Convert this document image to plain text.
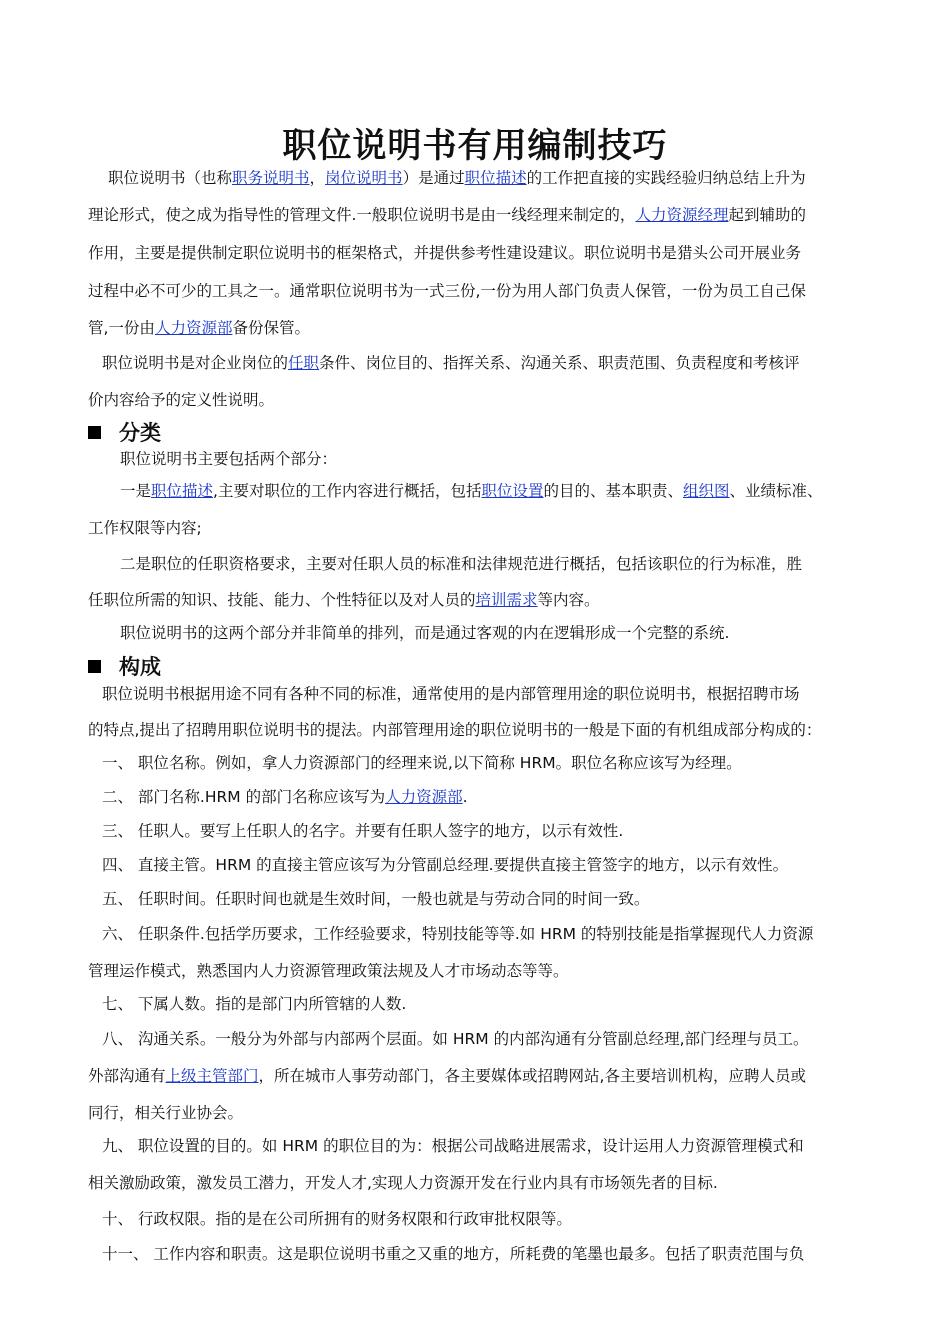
职位说明书有用编制技巧

职位说明书（也称职务说明书，岗位说明书）是通过职位描述的工作把直接的实践经验归纳总结上升为

理论形式，使之成为指导性的管理文件.一般职位说明书是由一线经理来制定的，人力资源经理起到辅助的

作用，主要是提供制定职位说明书的框架格式，并提供参考性建设建议。职位说明书是猎头公司开展业务

过程中必不可少的工具之一。通常职位说明书为一式三份,一份为用人部门负责人保管，一份为员工自己保

管,一份由人力资源部备份保管。

职位说明书是对企业岗位的任职条件、岗位目的、指挥关系、沟通关系、职责范围、负责程度和考核评

价内容给予的定义性说明。

分类

职位说明书主要包括两个部分：

一是职位描述,主要对职位的工作内容进行概括，包括职位设置的目的、基本职责、组织图、业绩标准、

工作权限等内容;

二是职位的任职资格要求，主要对任职人员的标准和法律规范进行概括，包括该职位的行为标准，胜

任职位所需的知识、技能、能力、个性特征以及对人员的培训需求等内容。

职位说明书的这两个部分并非简单的排列，而是通过客观的内在逻辑形成一个完整的系统.

构成

职位说明书根据用途不同有各种不同的标准，通常使用的是内部管理用途的职位说明书，根据招聘市场

的特点,提出了招聘用职位说明书的提法。内部管理用途的职位说明书的一般是下面的有机组成部分构成的：

一、 职位名称。例如，拿人力资源部门的经理来说,以下简称 HRM。职位名称应该写为经理。

二、 部门名称.HRM 的部门名称应该写为人力资源部.

三、 任职人。要写上任职人的名字。并要有任职人签字的地方，以示有效性.

四、 直接主管。HRM 的直接主管应该写为分管副总经理.要提供直接主管签字的地方，以示有效性。

五、 任职时间。任职时间也就是生效时间，一般也就是与劳动合同的时间一致。

六、 任职条件.包括学历要求，工作经验要求，特别技能等等.如 HRM 的特别技能是指掌握现代人力资源

管理运作模式，熟悉国内人力资源管理政策法规及人才市场动态等等。

七、 下属人数。指的是部门内所管辖的人数.

八、 沟通关系。一般分为外部与内部两个层面。如 HRM 的内部沟通有分管副总经理,部门经理与员工。

外部沟通有上级主管部门，所在城市人事劳动部门，各主要媒体或招聘网站,各主要培训机构，应聘人员或

同行，相关行业协会。

九、 职位设置的目的。如 HRM 的职位目的为：根据公司战略进展需求，设计运用人力资源管理模式和

相关激励政策，激发员工潜力，开发人才,实现人力资源开发在行业内具有市场领先者的目标.

十、 行政权限。指的是在公司所拥有的财务权限和行政审批权限等。

十一、 工作内容和职责。这是职位说明书重之又重的地方，所耗费的笔墨也最多。包括了职责范围与负
